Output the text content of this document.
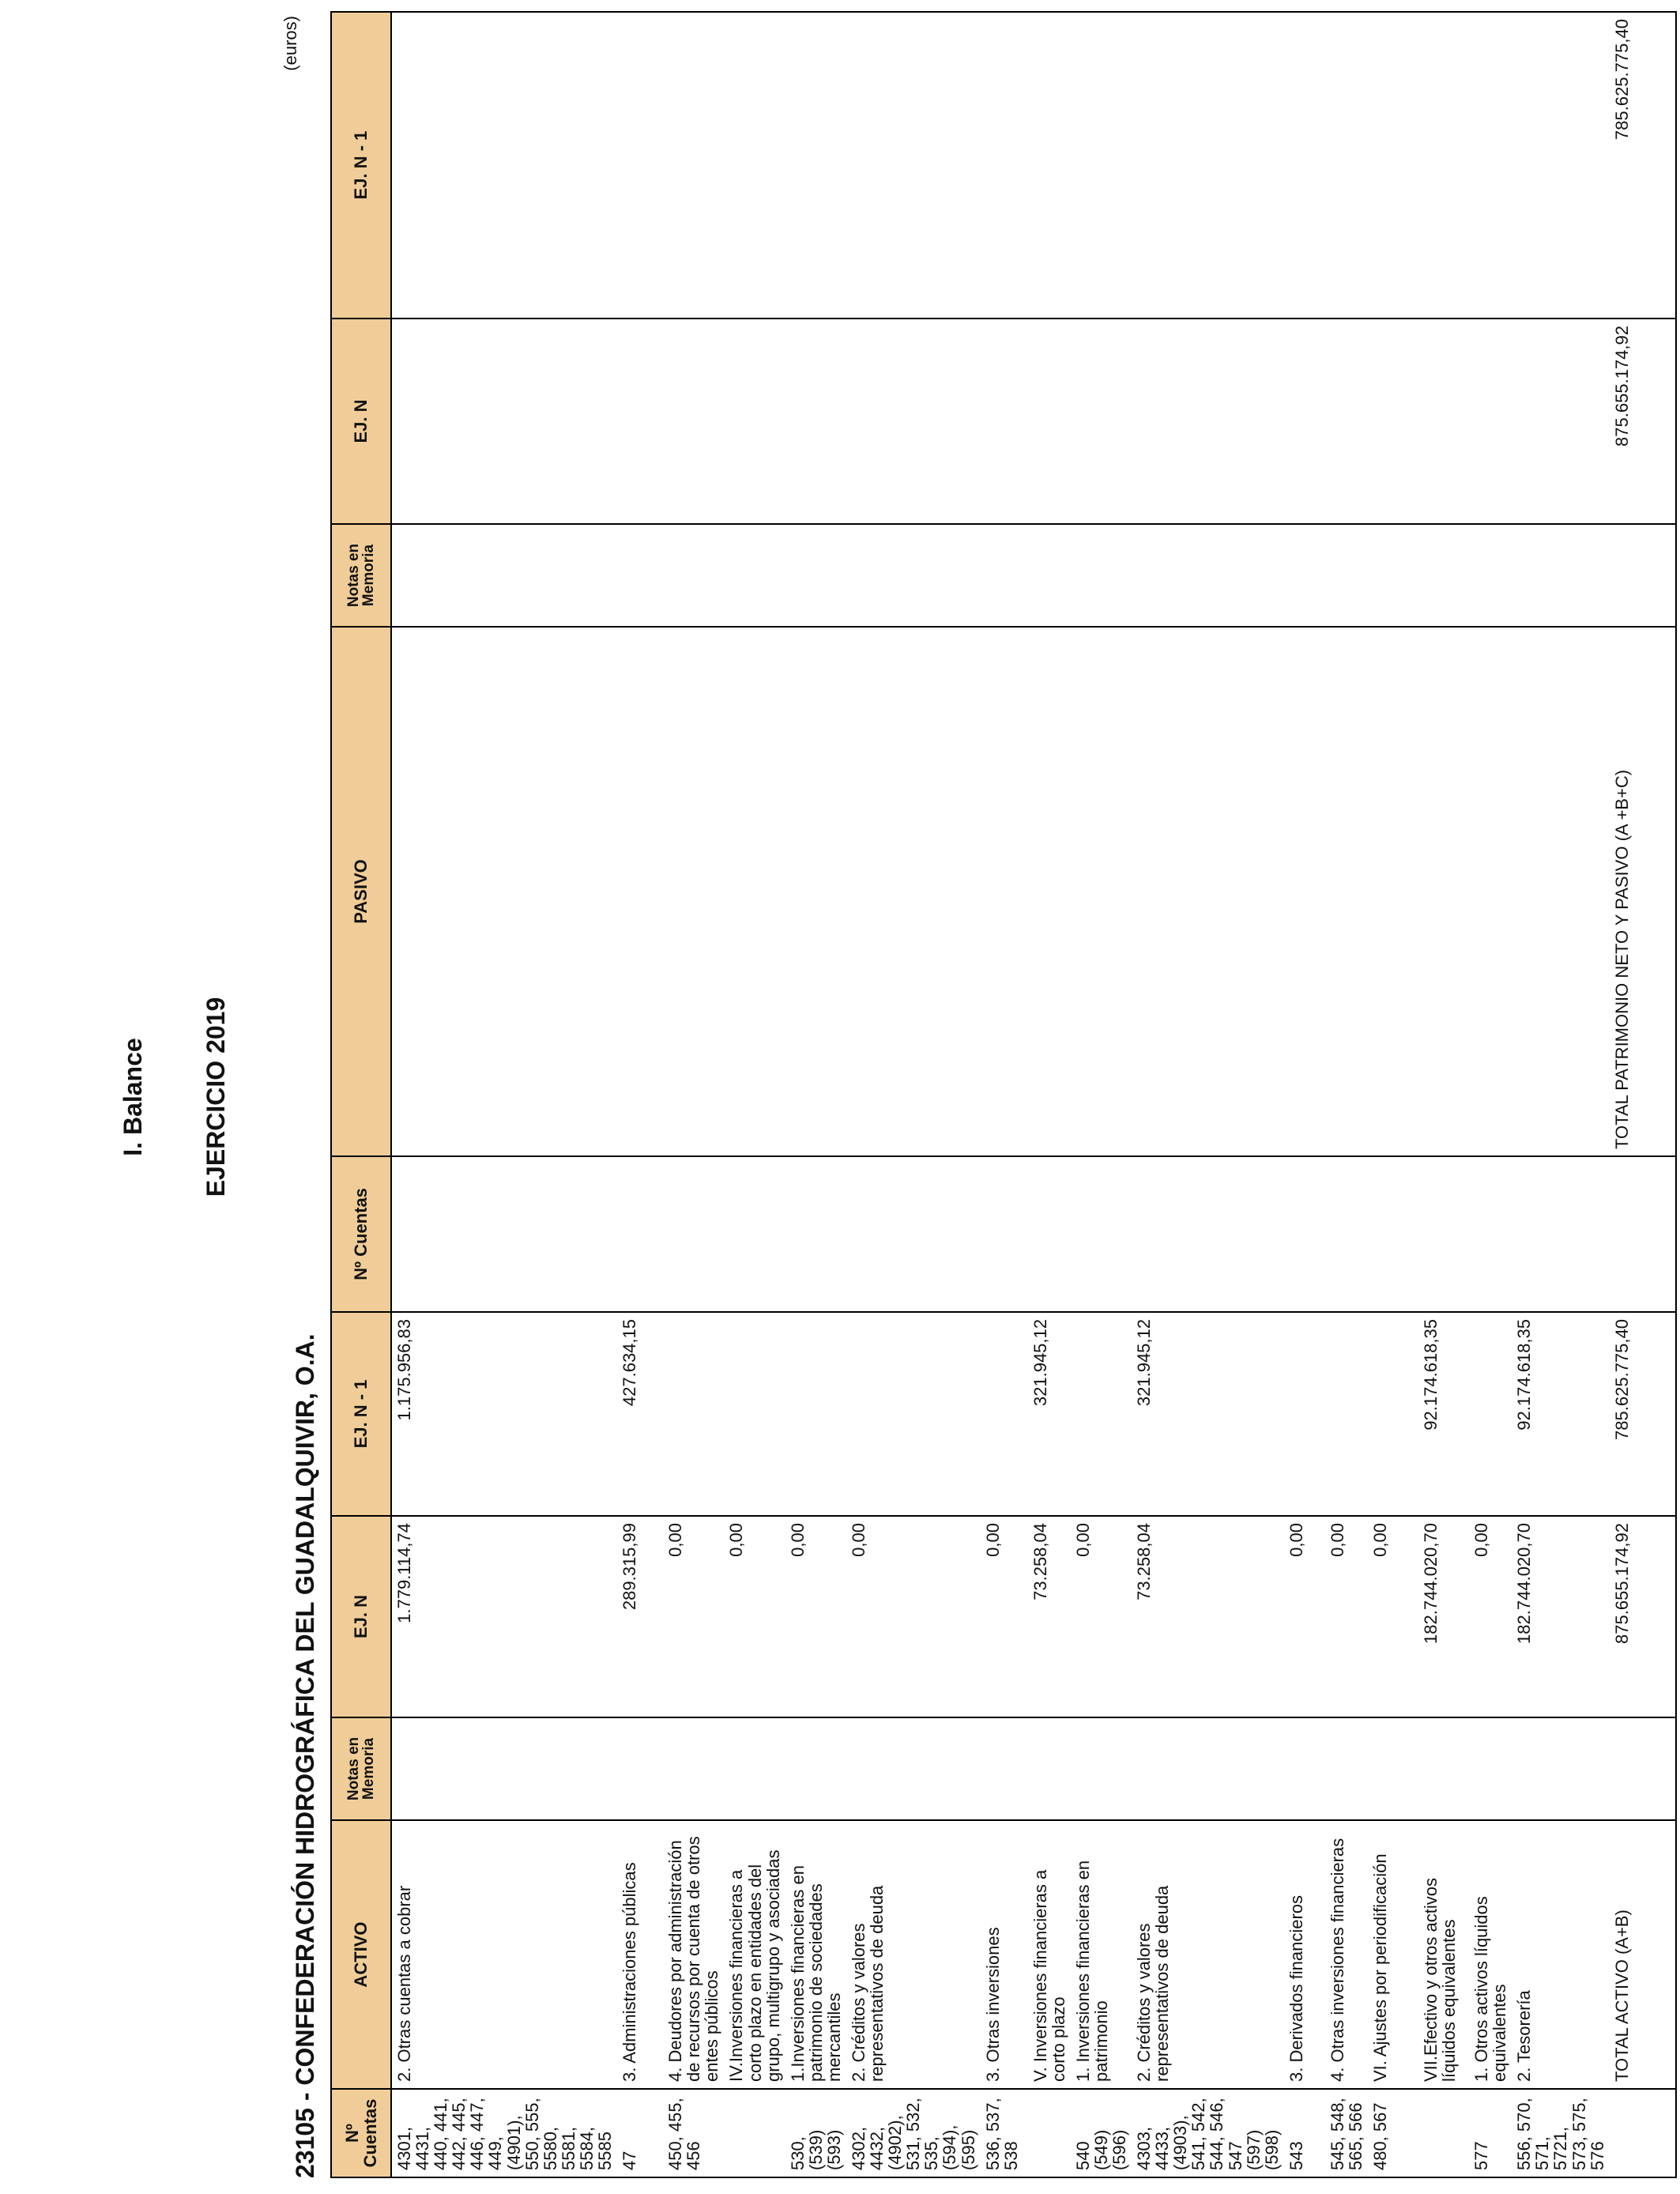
I. Balance EJERCICIO 2019
23105 - CONFEDERACIÓN HIDROGRÁFICA DEL GUADALQUIVIR, O.A.
(euros)
Nº Cuentas	ACTIVO	Notas en Memoria	EJ. N	EJ. N - 1	Nº Cuentas	PASIVO	Notas en Memoria	EJ. N	EJ. N - 1
4301, 4431, 440, 441, 442, 445, 446, 447, 449, (4901), 550, 555, 5580, 5581, 5584, 5585	2. Otras cuentas a cobrar		1.779.114,74	1.175.956,83					
47	3. Administraciones públicas		289.315,99	427.634,15					
450, 455, 456	4. Deudores por administración de recursos por cuenta de otros entes públicos		0,00						
	IV.Inversiones financieras a corto plazo en entidades del grupo, multigrupo y asociadas		0,00						
530, (539) (593)	1.Inversiones financieras en patrimonio de sociedades mercantiles		0,00						
4302, 4432, (4902), 531, 532, 535, (594), (595)	2. Créditos y valores representativos de deuda		0,00						
536, 537, 538	3. Otras inversiones		0,00						
	V. Inversiones financieras a corto plazo		73.258,04	321.945,12					
540 (549) (596)	1. Inversiones financieras en patrimonio		0,00						
4303, 4433, (4903), 541, 542, 544, 546, 547 (597) (598)	2. Créditos y valores representativos de deuda		73.258,04	321.945,12					
543	3. Derivados financieros		0,00						
545, 548, 565, 566	4. Otras inversiones financieras		0,00						
480, 567	VI. Ajustes por periodificación		0,00						
	VII.Efectivo y otros activos líquidos equivalentes		182.744.020,70	92.174.618,35					
577	1. Otros activos líquidos equivalentes		0,00						
556, 570, 571, 5721, 573, 575, 576	2. Tesorería		182.744.020,70	92.174.618,35					
	TOTAL ACTIVO (A+B)		875.655.174,92	785.625.775,40		TOTAL PATRIMONIO NETO Y PASIVO (A +B+C)		875.655.174,92	785.625.775,40
